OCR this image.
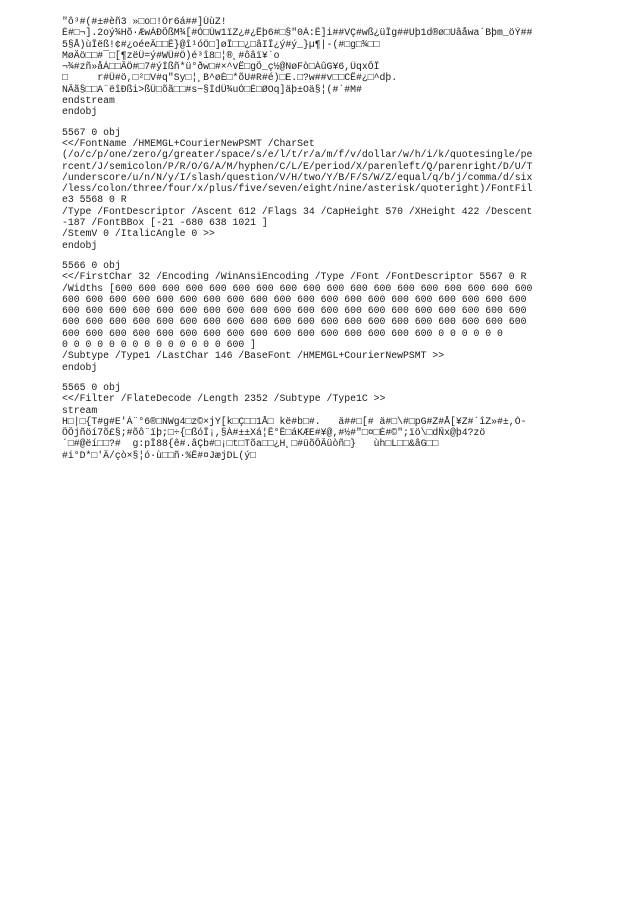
"ô³#(#±#èñ3 »□o□!Ór6á##]ÙùZ!
É#□¬].2oý¾Hõ·ÆwÁÐÕßM¾[#Ó□Ùw1ïZ¿#¿Ëþ6#□§"0Á:Ê]i##VÇ#wß¿üÎg##Uþ1d®ø□Uâåwa´Bþm_öÝ##
5§Å)ùÎëß!¢#¿oéeÄ□□Ê}@î¹óÖ□]øÎ□□¿□âIÎ¿ý#ý_}µ¶|-(#□g□¾□□
MøÄö□□#¯□[¶zëÜ=ý#WÜ#Ö)é³î8□¦®¸#ôâï¥`o
¬¾#zñ»åÁ□□ÃÖ#□7#ýÍßñ*ü°ðw□#×^vË□gÕ_ç½@NøFò□ÀûG¥6,ÜqxÕÎ
□     r#Ü#ö,□²□V#q"Sy□¦¸B^øÈ□*õU#R#é)□E.□?w##v□□CË#¿□^dþ.
NÃã§□□A¨ëîÐßi>ßÜ□õã□□#s~§ÌdÜ¾uÓ□É□ØOq]äþ±Oä§¦(#`#M#
endstream
endobj
5567 0 obj
<</FontName /HMEMGL+CourierNewPSMT /CharSet
(/o/c/p/one/zero/g/greater/space/s/e/l/t/r/a/m/f/v/dollar/w/h/i/k/quotesingle/pe
rcent/J/semicolon/P/R/O/G/A/M/hyphen/C/L/E/period/X/parenleft/Q/parenright/D/U/T
/underscore/u/n/N/y/I/slash/question/V/H/two/Y/B/F/S/W/Z/equal/q/b/j/comma/d/six
/less/colon/three/four/x/plus/five/seven/eight/nine/asterisk/quoteright)/FontFil
e3 5568 0 R
/Type /FontDescriptor /Ascent 612 /Flags 34 /CapHeight 570 /XHeight 422 /Descent
-187 /FontBBox [-21 -680 638 1021 ]
/StemV 0 /ItalicAngle 0 >>
endobj
5566 0 obj
<</FirstChar 32 /Encoding /WinAnsiEncoding /Type /Font /FontDescriptor 5567 0 R
/Widths [600 600 600 600 600 600 600 600 600 600 600 600 600 600 600 600 600 600
600 600 600 600 600 600 600 600 600 600 600 600 600 600 600 600 600 600 600 600
600 600 600 600 600 600 600 600 600 600 600 600 600 600 600 600 600 600 600 600
600 600 600 600 600 600 600 600 600 600 600 600 600 600 600 600 600 600 600 600
600 600 600 600 600 600 600 600 600 600 600 600 600 600 600 600 0 0 0 0 0 0
0 0 0 0 0 0 0 0 0 0 0 0 0 0 600 ]
/Subtype /Type1 /LastChar 146 /BaseFont /HMEMGL+CourierNewPSMT >>
endobj
5565 0 obj
<</Filter /FlateDecode /Length 2352 /Subtype /Type1C >>
stream
H□|□{T#g#E'Á¨°6®□NWg4□z©×jY[k□Ç□□1Å□ kë#b□#.   ä##□[# ä#□\#□pG#Z#Å[¥Z#´îZ»#±,Ó-
ÕÕjñöí7õ£§;#õô¨ïþ;□÷{□ßóÎ¡,§À#±±Xá¦Ê°Ê□áKÆE#¥@,#½#"□¤□È#©";ïö\□dÑx@þ4?zö
´□#@ëí□□?#  g:pÎ88{ê#.âÇb#□¡□t□Tõa□□¿H¸□#üõÕÃüòñ□}   ùh□L□□&âG□□
#i°D*□'Ä/çò×§¦ó·ù□□ñ·%Ê#¤JæjDL(ý□
